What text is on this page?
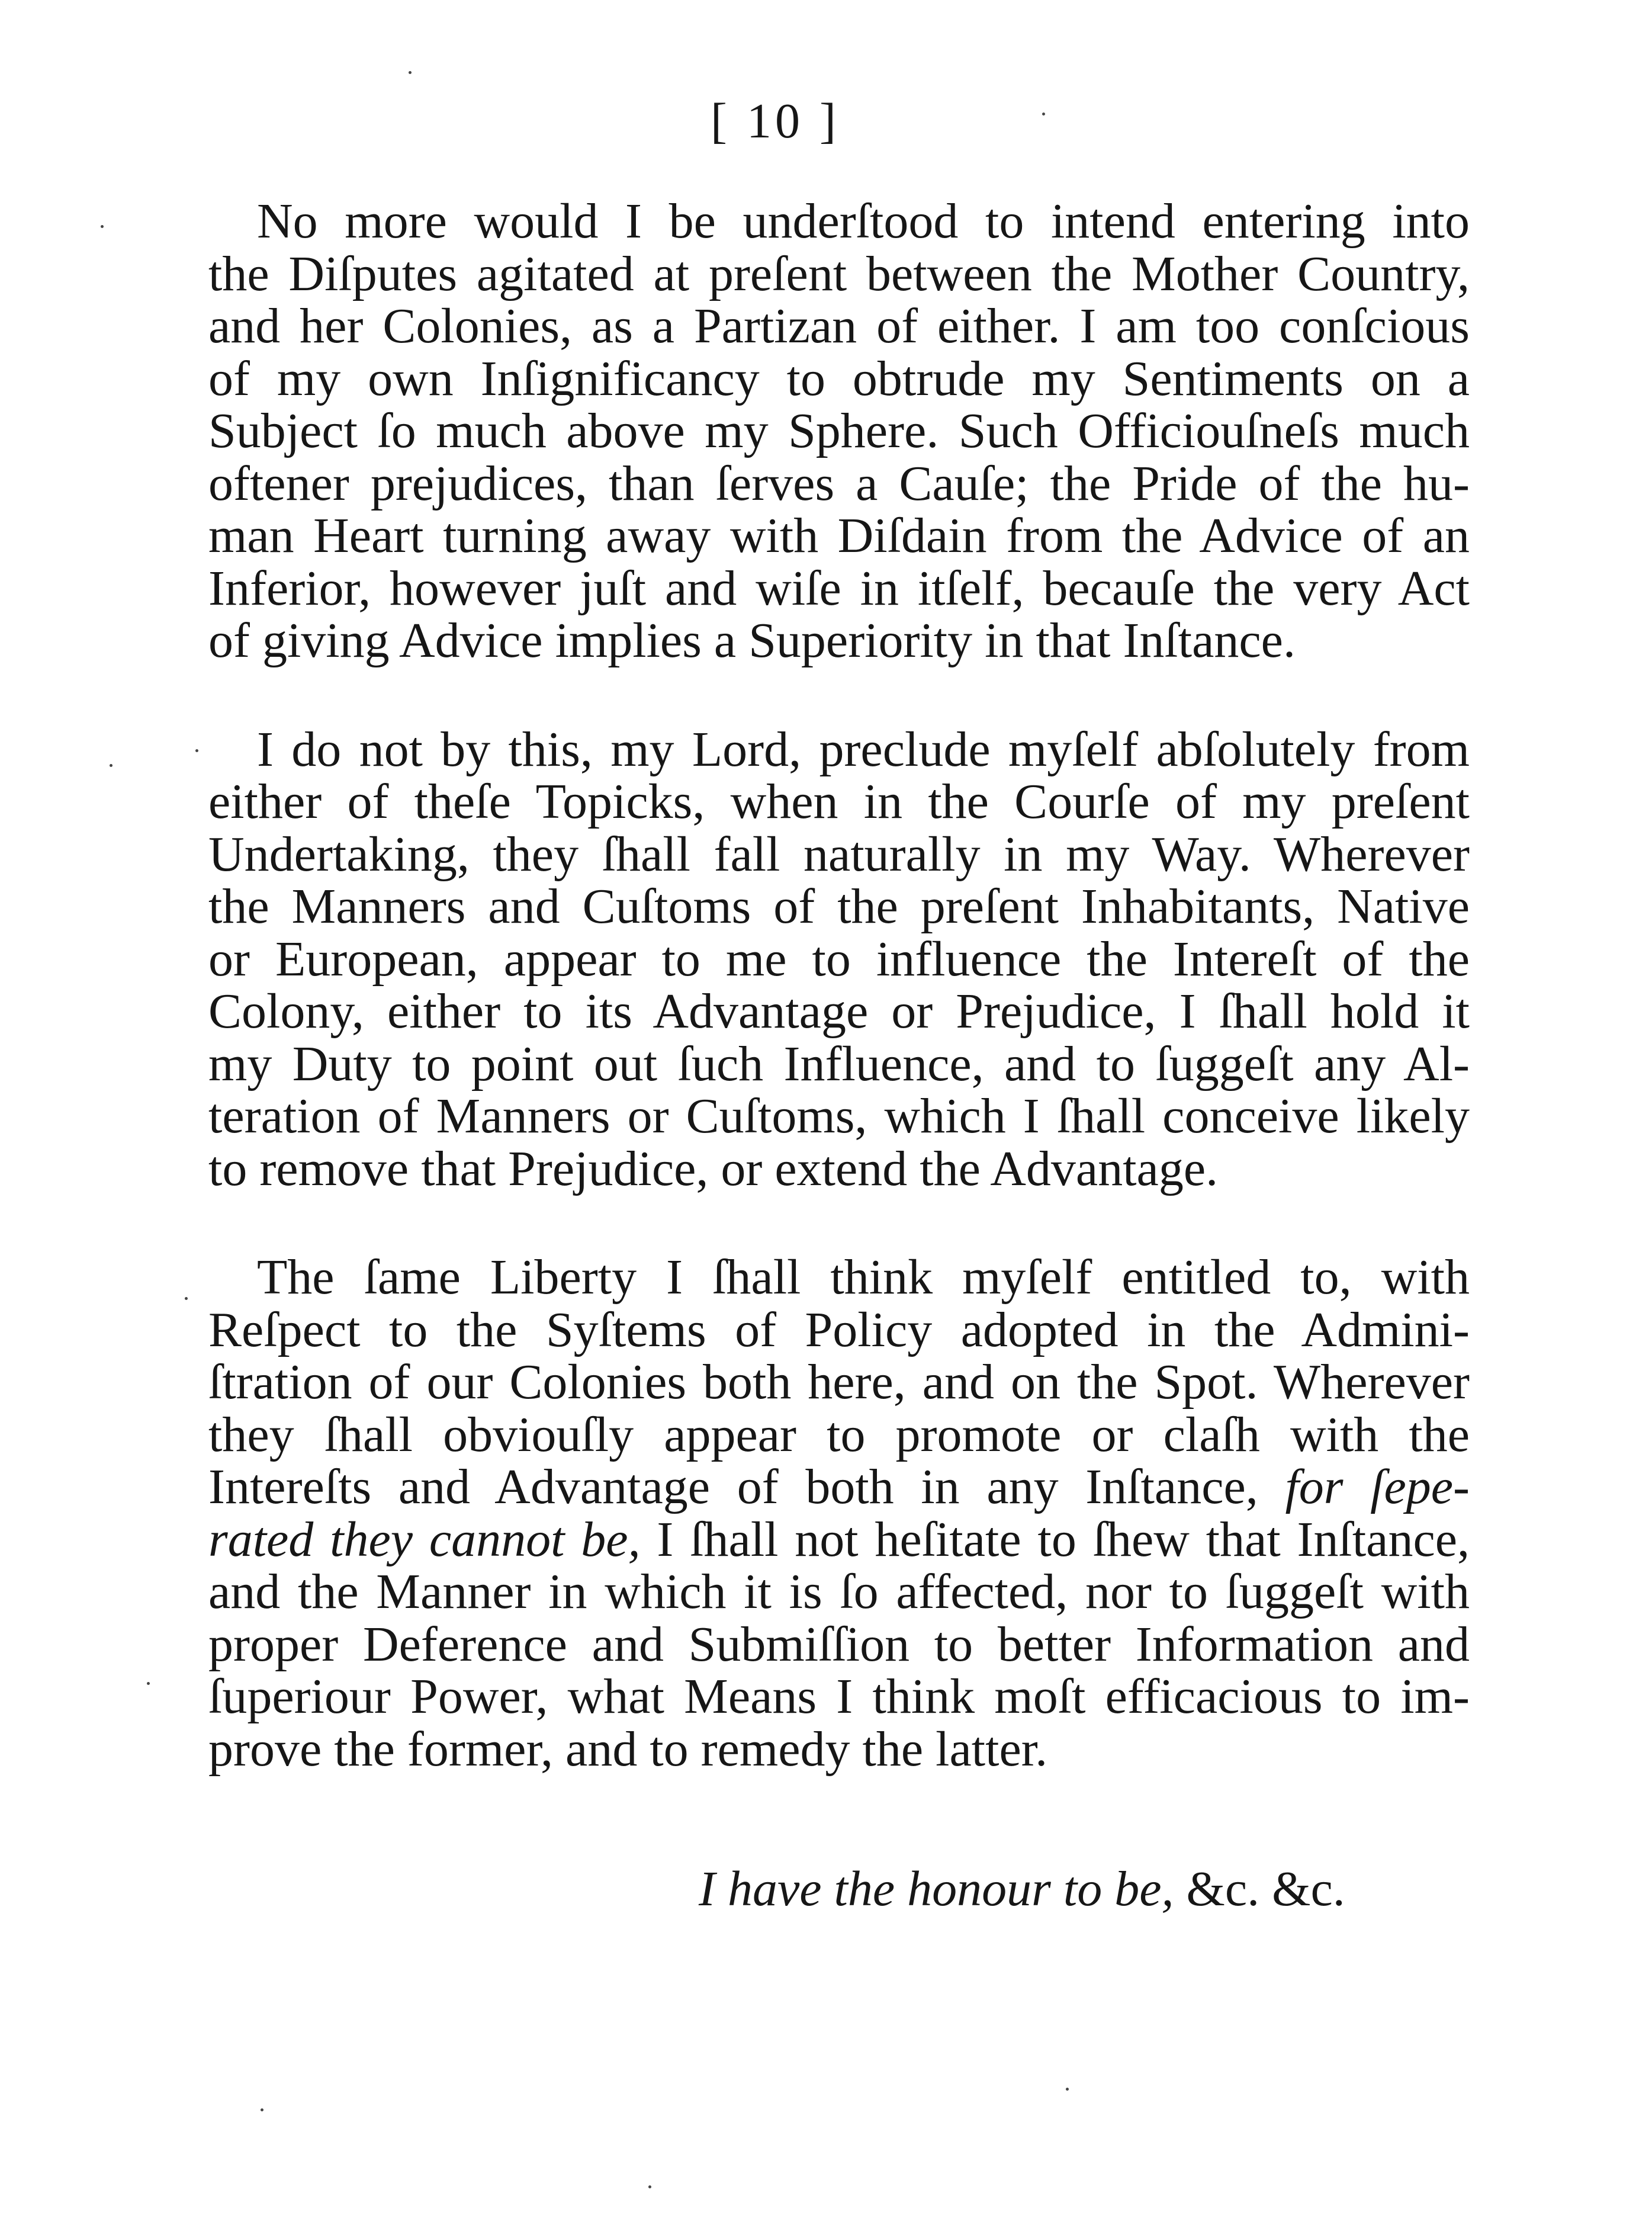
[ 10 ]
No more would I be underſtood to intend entering into
the Diſputes agitated at preſent between the Mother Country,
and her Colonies, as a Partizan of either. I am too conſcious
of my own Inſignificancy to obtrude my Sentiments on a
Subject ſo much above my Sphere. Such Officiouſneſs much
oftener prejudices, than ſerves a Cauſe; the Pride of the hu-
man Heart turning away with Diſdain from the Advice of an
Inferior, however juſt and wiſe in itſelf, becauſe the very Act
of giving Advice implies a Superiority in that Inſtance.
I do not by this, my Lord, preclude myſelf abſolutely from
either of theſe Topicks, when in the Courſe of my preſent
Undertaking, they ſhall fall naturally in my Way. Wherever
the Manners and Cuſtoms of the preſent Inhabitants, Native
or European, appear to me to influence the Intereſt of the
Colony, either to its Advantage or Prejudice, I ſhall hold it
my Duty to point out ſuch Influence, and to ſuggeſt any Al-
teration of Manners or Cuſtoms, which I ſhall conceive likely
to remove that Prejudice, or extend the Advantage.
The ſame Liberty I ſhall think myſelf entitled to, with
Reſpect to the Syſtems of Policy adopted in the Admini-
ſtration of our Colonies both here, and on the Spot. Wherever
they ſhall obviouſly appear to promote or claſh with the
Intereſts and Advantage of both in any Inſtance, for ſepe-
rated they cannot be, I ſhall not heſitate to ſhew that Inſtance,
and the Manner in which it is ſo affected, nor to ſuggeſt with
proper Deference and Submiſſion to better Information and
ſuperiour Power, what Means I think moſt efficacious to im-
prove the former, and to remedy the latter.
I have the honour to be, &c. &c.
